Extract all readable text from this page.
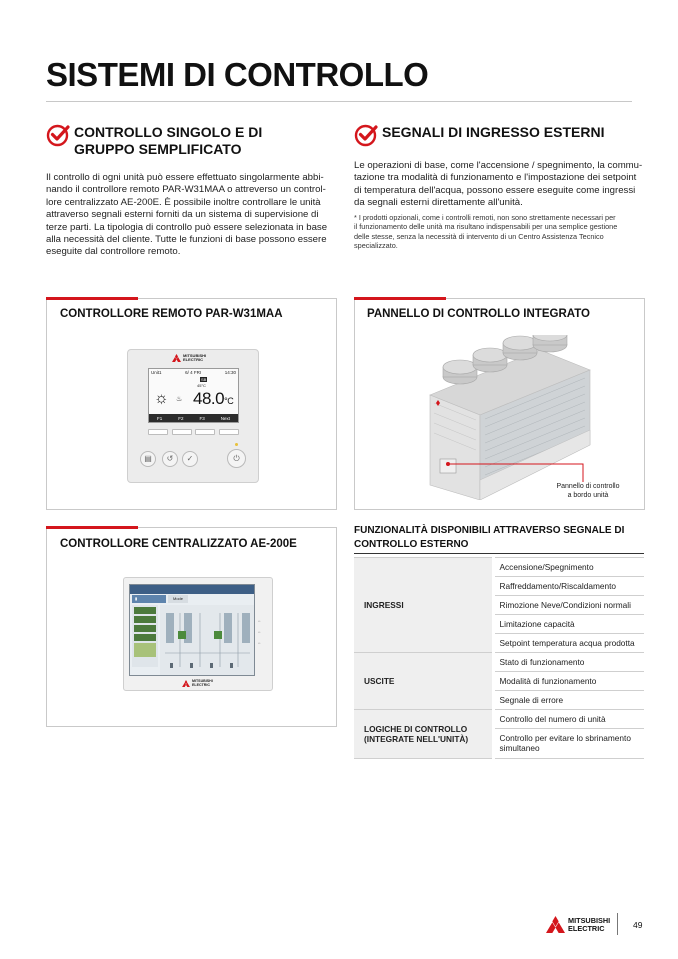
SISTEMI DI CONTROLLO
CONTROLLO SINGOLO E DI
GRUPPO SEMPLIFICATO
Il controllo di ogni unità può essere effettuato singolarmente abbi-
nando il controllore remoto PAR-W31MAA o attreverso un control-
lore centralizzato AE-200E. È possibile inoltre controllare le unità
attraverso segnali esterni forniti da un sistema di supervisione di
terze parti. La tipologia di controllo può essere selezionata in base
alla necessità del cliente. Tutte le funzioni di base possono essere
eseguite dal controllore remoto.
SEGNALI DI INGRESSO ESTERNI
Le operazioni di base, come l'accensione / spegnimento, la commu-
tazione tra modalità di funzionamento e l'impostazione dei setpoint
di temperatura dell'acqua, possono essere eseguite come ingressi
da segnali esterni direttamente all'unità.
* I prodotti opzionali, come i controlli remoti, non sono strettamente necessari per
il funzionamento delle unità ma risultano indispensabili per una semplice gestione
delle stesse, senza la necessità di intervento di un Centro Assistenza Tecnico
specializzato.
CONTROLLORE REMOTO PAR-W31MAA
MITSUBISHI
ELECTRIC
Unit1	6/ 4 FRI	14:30
SB
45°C
☼ ♨ 48.0°C
F1	F2	F3	Next
▤	↺	✓	⏻
PANNELLO DI CONTROLLO INTEGRATO
Pannello di controllo
a bordo unità
CONTROLLORE CENTRALIZZATO AE-200E
▮	Mode
▭
▭
▭
MITSUBISHI
ELECTRIC
FUNZIONALITÀ DISPONIBILI ATTRAVERSO SEGNALE DI
CONTROLLO ESTERNO
INGRESSI	Accensione/Spegnimento
	Raffreddamento/Riscaldamento
	Rimozione Neve/Condizioni normali
	Limitazione capacità
	Setpoint temperatura acqua prodotta
USCITE	Stato di funzionamento
	Modalità di funzionamento
	Segnale di errore

LOGICHE DI CONTROLLO
(INTEGRATE NELL'UNITÀ)	Controllo del numero di unità

	Controllo per evitare lo sbrinamento
simultaneo
MITSUBISHI
ELECTRIC	49
